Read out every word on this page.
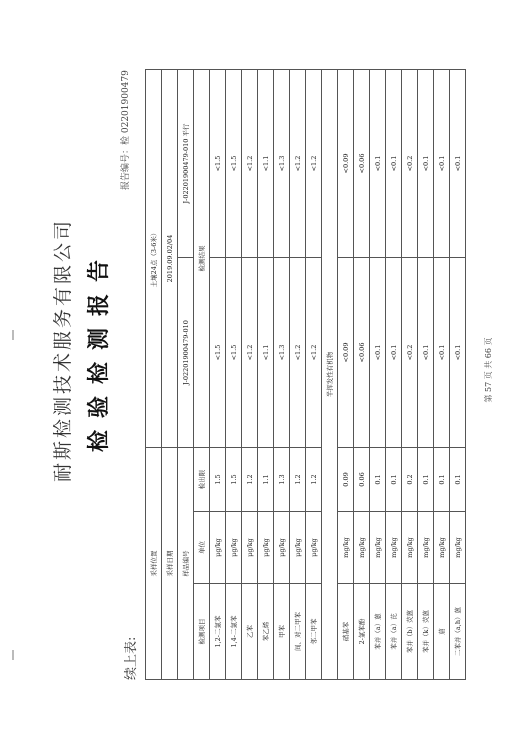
耐斯检测技术服务有限公司 检验检测报告
续上表:
报告编号：检 02201900479
采样位置			土壤24点（3-6米）	
采样日期			2019.09.02/04	
样品编号			J-02201900479-010	J-02201900479-010 平行
检测项目	单位	检出限	检测结果	
1,2-二氯苯	μg/kg	1.5	<1.5	<1.5
1,4-二氯苯	μg/kg	1.5	<1.5	<1.5
乙苯	μg/kg	1.2	<1.2	<1.2
苯乙烯	μg/kg	1.1	<1.1	<1.1
甲苯	μg/kg	1.3	<1.3	<1.3
间、对二甲苯	μg/kg	1.2	<1.2	<1.2
邻二甲苯	μg/kg	1.2	<1.2	<1.2
半挥发性有机物				
硝基苯	mg/kg	0.09	<0.09	<0.09
2-氯苯酚	mg/kg	0.06	<0.06	<0.06
苯并（a）蒽	mg/kg	0.1	<0.1	<0.1
苯并（a）芘	mg/kg	0.1	<0.1	<0.1
苯并（b）荧蒽	mg/kg	0.2	<0.2	<0.2
苯并（k）荧蒽	mg/kg	0.1	<0.1	<0.1
䓛	mg/kg	0.1	<0.1	<0.1
二苯并（a,h）蒽	mg/kg	0.1	<0.1	<0.1
第 57 页 共 66 页
